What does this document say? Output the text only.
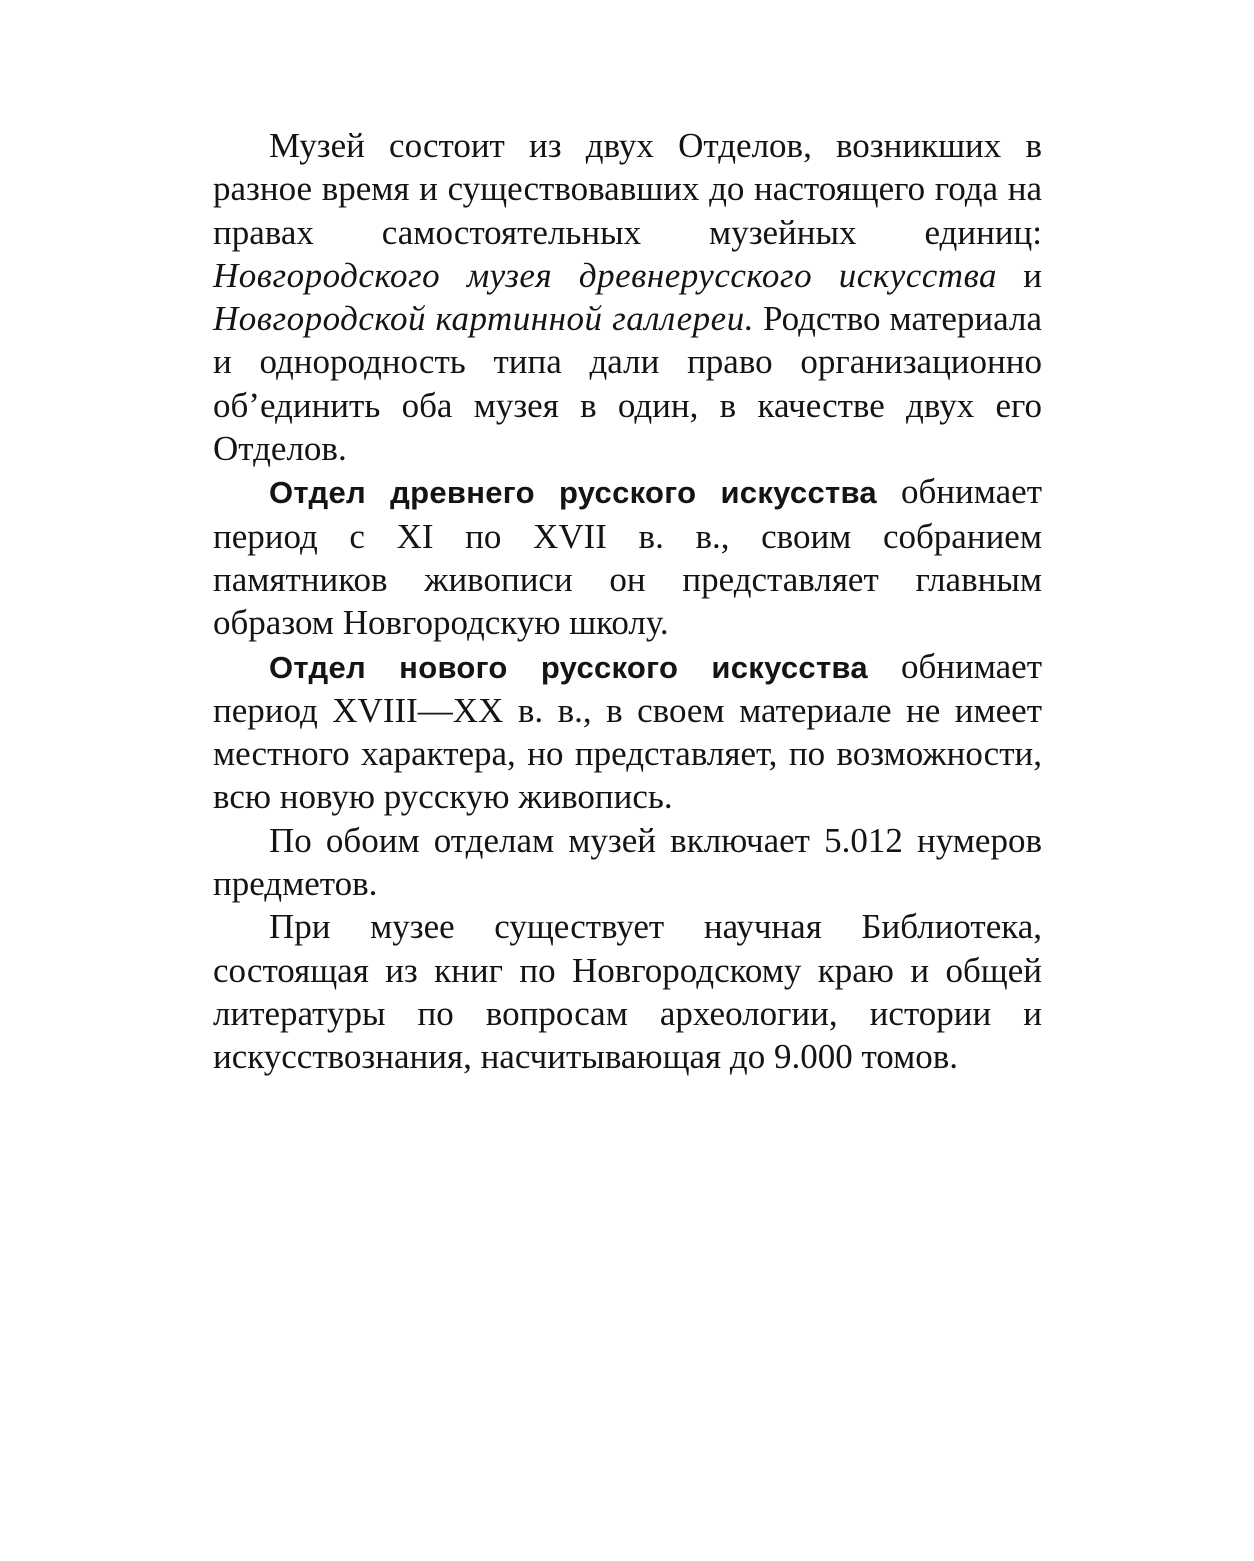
Музей состоит из двух Отделов, возникших в разное время и существовавших до настоящего года на правах самостоятельных музейных единиц: Новгородского музея древнерусского искусства и Новгородской картинной галлереи. Родство материала и однородность типа дали право организационно обʼединить оба музея в один, в качестве двух его Отделов.

Отдел древнего русского искусства обнимает период с XI по XVII в. в., своим собранием памятников живописи он представляет главным образом Новгородскую школу.

Отдел нового русского искусства обнимает период XVIII—XX в. в., в своем материале не имеет местного характера, но представляет, по возможности, всю новую русскую живопись.

По обоим отделам музей включает 5.012 нумеров предметов.

При музее существует научная Библиотека, состоящая из книг по Новгородскому краю и общей литературы по вопросам археологии, истории и искусствознания, насчитывающая до 9.000 томов.
